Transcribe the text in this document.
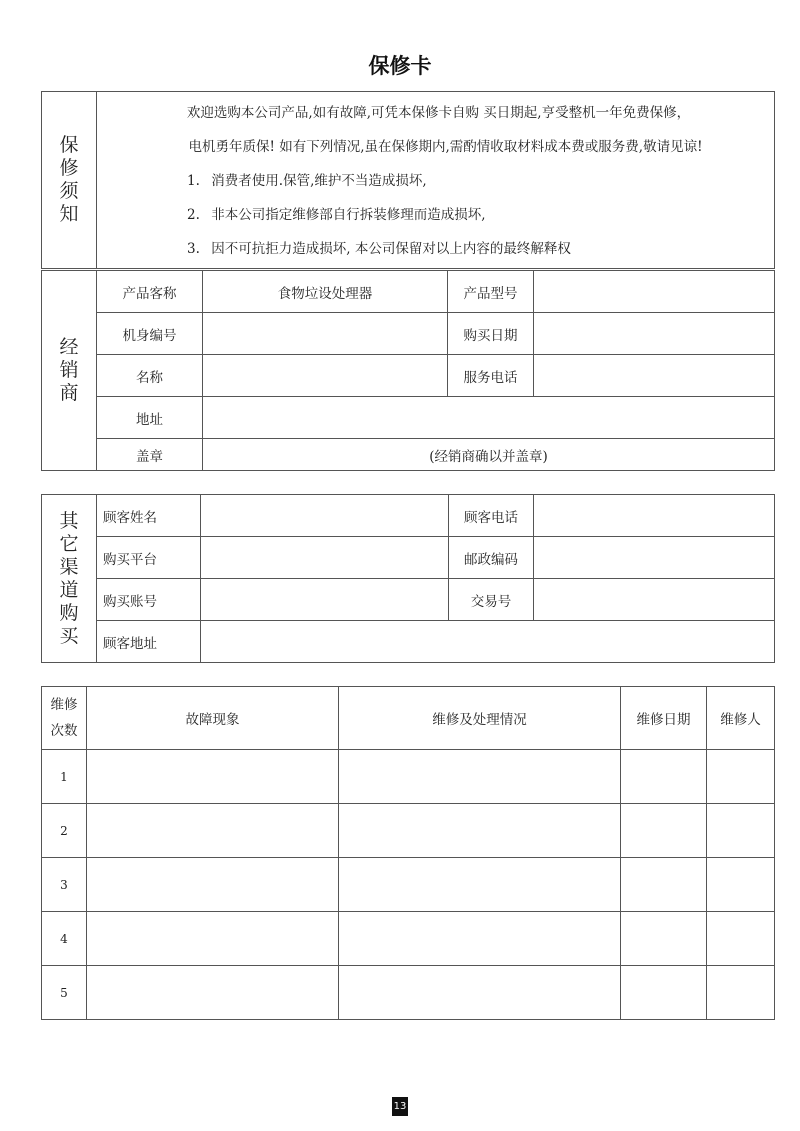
保修卡
保修须知	
欢迎选购本公司产品,如有故障,可凭本保修卡自购 买日期起,亨受整机一年免费保修，
电机勇年质保! 如有下列情况,虽在保修期内,需酌情收取材料成本费或服务费,敬请见谅!
1. 消费者使用.保管,维护不当造成损坏,
2. 非本公司指定维修部自行拆装修理而造成损坏,
3. 因不可抗拒力造成损坏, 本公司保留对以上内容的最终解释权
经销商	产品客称	食物垃设处理器	产品型号	
	机身编号		购买日期	
	名称		服务电话	
	地址			
	盖章	(经销商确以并盖章)		
其它渠道购买	顾客姓名		顾客电话	
	购买平台		邮政编码	
	购买账号		交易号	
	顾客地址			
维修
次数	故障现象	维修及处理情况	维修日期	维修人
1				
2				
3				
4				
5				
13
